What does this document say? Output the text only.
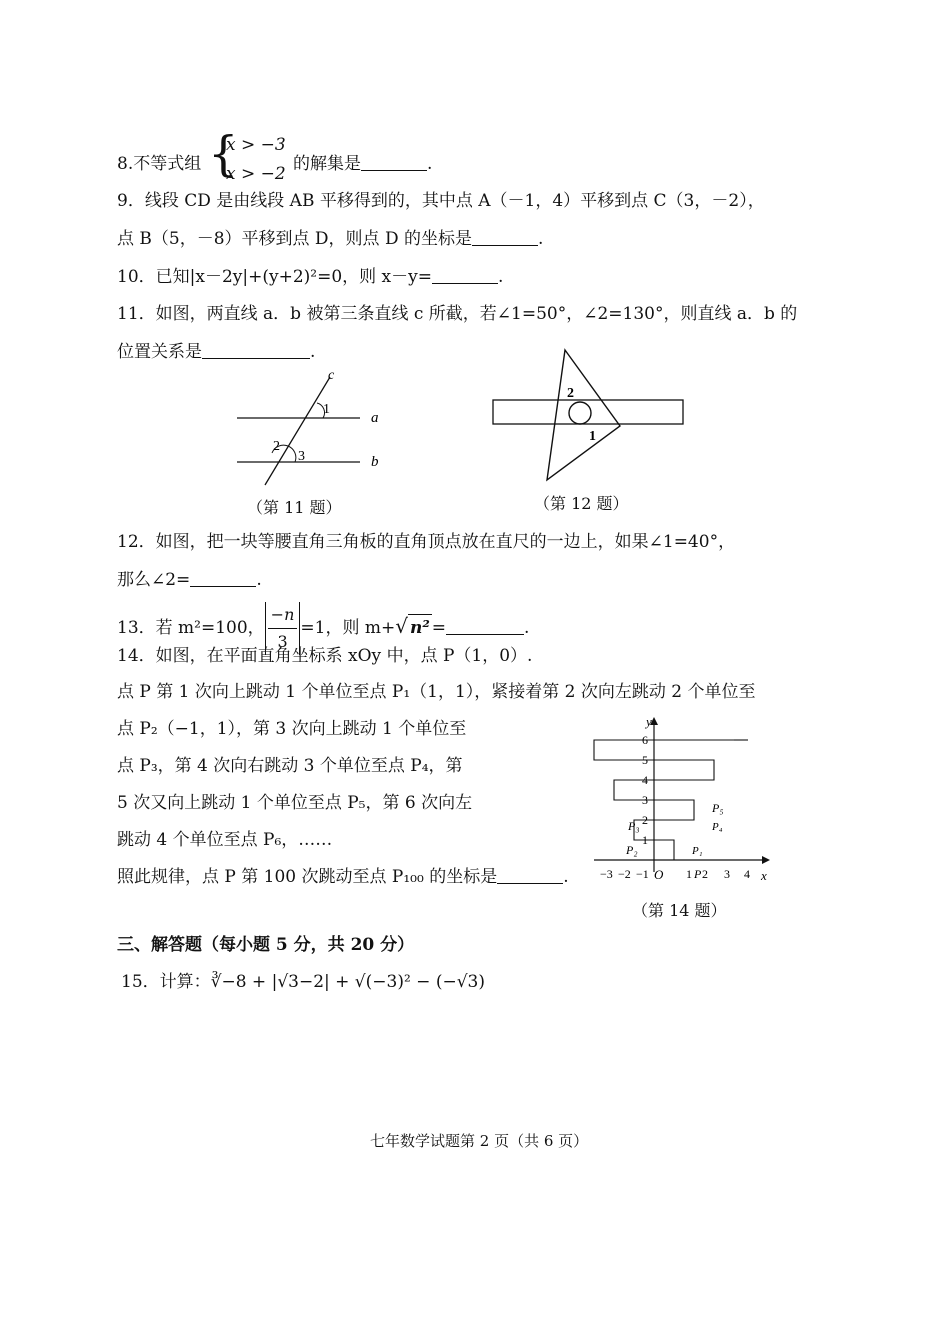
8.不等式组 {
x > −3
x > −2 的解集是	.
9．线段 CD 是由线段 AB 平移得到的，其中点 A（－1，4）平移到点 C（3，－2），
点 B（5，－8）平移到点 D，则点 D 的坐标是	.
10．已知|x－2y|+(y+2)²=0，则 x－y=	.
11．如图，两直线 a．b 被第三条直线 c 所截，若∠1=50°，∠2=130°，则直线 a．b 的
位置关系是	.
c
a
b
1
2
3
（第 11 题）
2
1
（第 12 题）
12．如图，把一块等腰直角三角板的直角顶点放在直尺的一边上，如果∠1=40°，
那么∠2=	.
13．若 m²=100， $\frac{-n}{3} =1$，则 m+√ n² =	.
14．如图，在平面直角坐标系 xOy 中，点 P（1，0）.
点 P 第 1 次向上跳动 1 个单位至点 P₁（1，1），紧接着第 2 次向左跳动 2 个单位至
点 P₂（−1，1），第 3 次向上跳动 1 个单位至
点 P₃，第 4 次向右跳动 3 个单位至点 P₄，第
5 次又向上跳动 1 个单位至点 P₅，第 6 次向左
跳动 4 个单位至点 P₆，……
照此规律，点 P 第 100 次跳动至点 P₁₀₀ 的坐标是	.
1
2
3
4
5
6
−3 −2 −1	1 2 3 4
O	x
y
P
P₁
P₂
P₃	P₄
P₅
（第 14 题）
三、解答题（每小题 5 分，共 20 分）
15．计算：∛−8 + |√3−2| + √(−3)² − (−√3)
七年数学试题第 2 页（共 6 页）
